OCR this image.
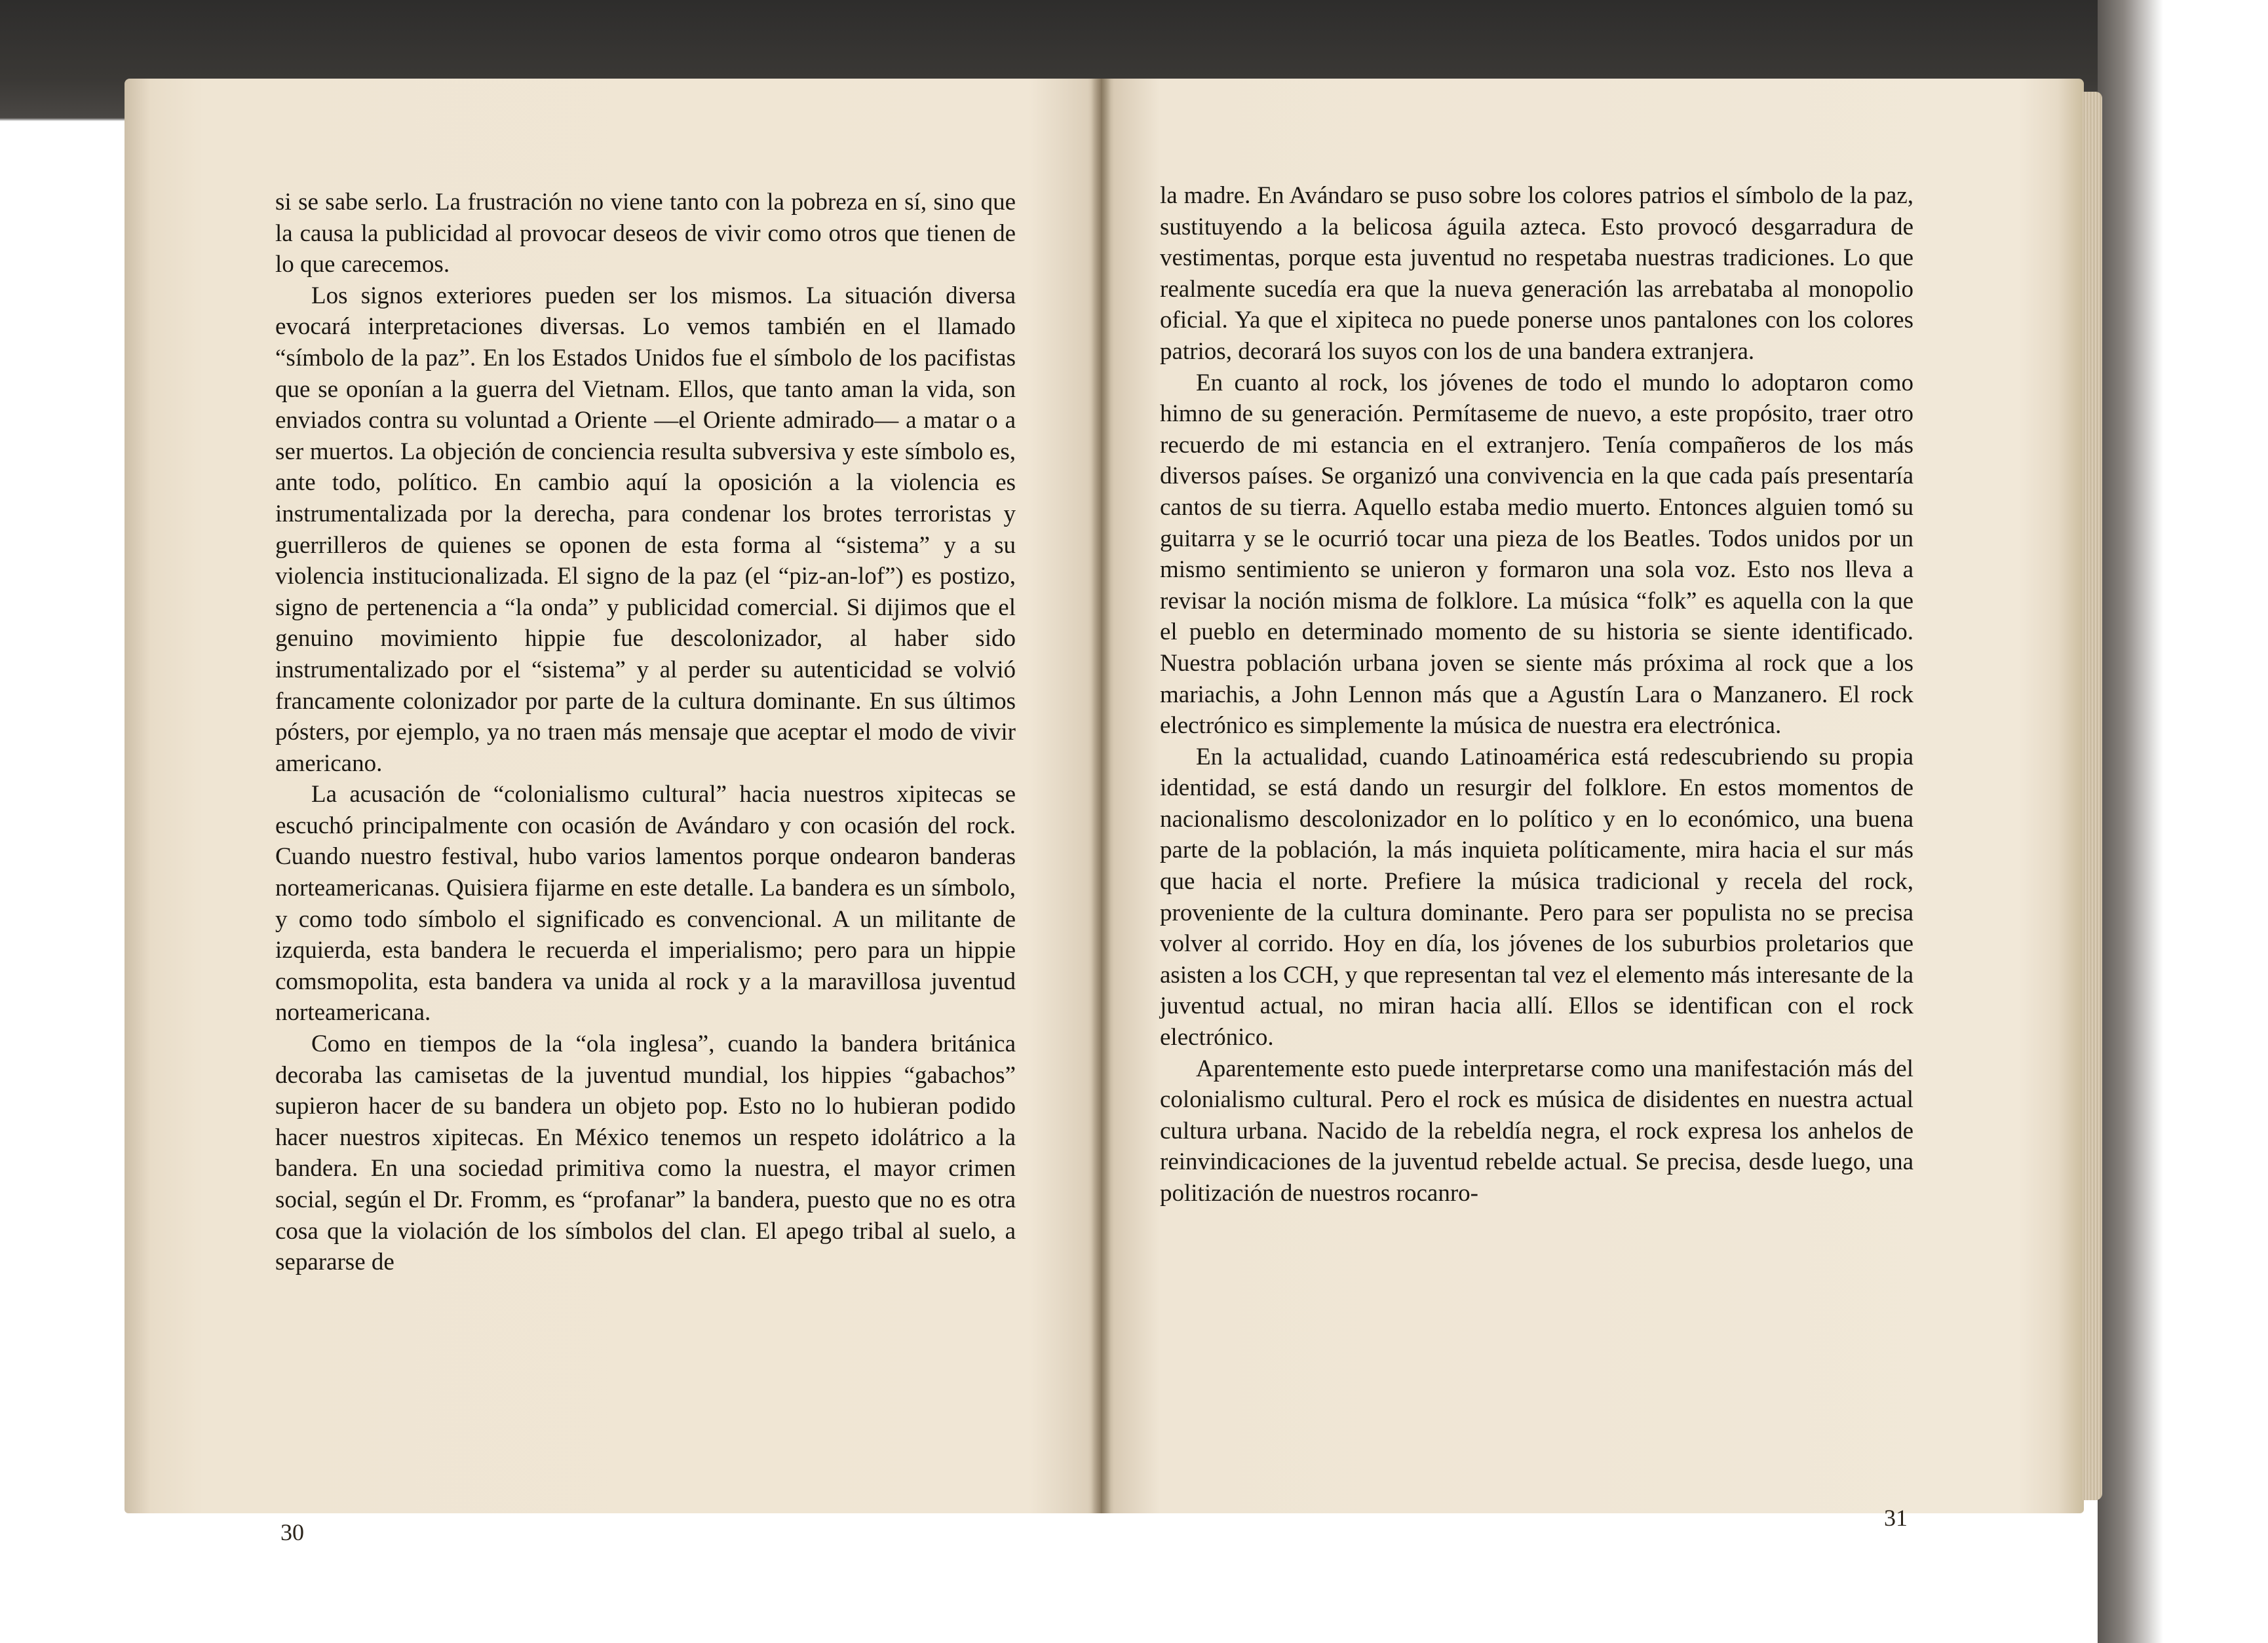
si se sabe serlo. La frustración no viene tanto con la pobreza en sí, sino que la causa la publicidad al provocar deseos de vivir como otros que tienen de lo que carecemos.

Los signos exteriores pueden ser los mismos. La situación diversa evocará interpretaciones diversas. Lo vemos también en el llamado “símbolo de la paz”. En los Estados Unidos fue el símbolo de los pacifistas que se oponían a la guerra del Vietnam. Ellos, que tanto aman la vida, son enviados contra su voluntad a Oriente —el Oriente admirado— a matar o a ser muertos. La objeción de conciencia resulta subversiva y este símbolo es, ante todo, político. En cambio aquí la oposición a la violencia es instrumentalizada por la derecha, para condenar los brotes terroristas y guerrilleros de quienes se oponen de esta forma al “sistema” y a su violencia institucionalizada. El signo de la paz (el “piz-an-lof”) es postizo, signo de pertenencia a “la onda” y publicidad comercial. Si dijimos que el genuino movimiento hippie fue descolonizador, al haber sido instrumentalizado por el “sistema” y al perder su autenticidad se volvió francamente colonizador por parte de la cultura dominante. En sus últimos pósters, por ejemplo, ya no traen más mensaje que aceptar el modo de vivir americano.

La acusación de “colonialismo cultural” hacia nuestros xipitecas se escuchó principalmente con ocasión de Avándaro y con ocasión del rock. Cuando nuestro festival, hubo varios lamentos porque ondearon banderas norteamericanas. Quisiera fijarme en este detalle. La bandera es un símbolo, y como todo símbolo el significado es convencional. A un militante de izquierda, esta bandera le recuerda el imperialismo; pero para un hippie comsmopolita, esta bandera va unida al rock y a la maravillosa juventud norteamericana.

Como en tiempos de la “ola inglesa”, cuando la bandera británica decoraba las camisetas de la juventud mundial, los hippies “gabachos” supieron hacer de su bandera un objeto pop. Esto no lo hubieran podido hacer nuestros xipitecas. En México tenemos un respeto idolátrico a la bandera. En una sociedad primitiva como la nuestra, el mayor crimen social, según el Dr. Fromm, es “profanar” la bandera, puesto que no es otra cosa que la violación de los símbolos del clan. El apego tribal al suelo, a separarse de

30

la madre. En Avándaro se puso sobre los colores patrios el símbolo de la paz, sustituyendo a la belicosa águila azteca. Esto provocó desgarradura de vestimentas, porque esta juventud no respetaba nuestras tradiciones. Lo que realmente sucedía era que la nueva generación las arrebataba al monopolio oficial. Ya que el xipiteca no puede ponerse unos pantalones con los colores patrios, decorará los suyos con los de una bandera extranjera.

En cuanto al rock, los jóvenes de todo el mundo lo adoptaron como himno de su generación. Permítaseme de nuevo, a este propósito, traer otro recuerdo de mi estancia en el extranjero. Tenía compañeros de los más diversos países. Se organizó una convivencia en la que cada país presentaría cantos de su tierra. Aquello estaba medio muerto. Entonces alguien tomó su guitarra y se le ocurrió tocar una pieza de los Beatles. Todos unidos por un mismo sentimiento se unieron y formaron una sola voz. Esto nos lleva a revisar la noción misma de folklore. La música “folk” es aquella con la que el pueblo en determinado momento de su historia se siente identificado. Nuestra población urbana joven se siente más próxima al rock que a los mariachis, a John Lennon más que a Agustín Lara o Manzanero. El rock electrónico es simplemente la música de nuestra era electrónica.

En la actualidad, cuando Latinoamérica está redescubriendo su propia identidad, se está dando un resurgir del folklore. En estos momentos de nacionalismo descolonizador en lo político y en lo económico, una buena parte de la población, la más inquieta políticamente, mira hacia el sur más que hacia el norte. Prefiere la música tradicional y recela del rock, proveniente de la cultura dominante. Pero para ser populista no se precisa volver al corrido. Hoy en día, los jóvenes de los suburbios proletarios que asisten a los CCH, y que representan tal vez el elemento más interesante de la juventud actual, no miran hacia allí. Ellos se identifican con el rock electrónico.

Aparentemente esto puede interpretarse como una manifestación más del colonialismo cultural. Pero el rock es música de disidentes en nuestra actual cultura urbana. Nacido de la rebeldía negra, el rock expresa los anhelos de reinvindicaciones de la juventud rebelde actual. Se precisa, desde luego, una politización de nuestros rocanro-

31
